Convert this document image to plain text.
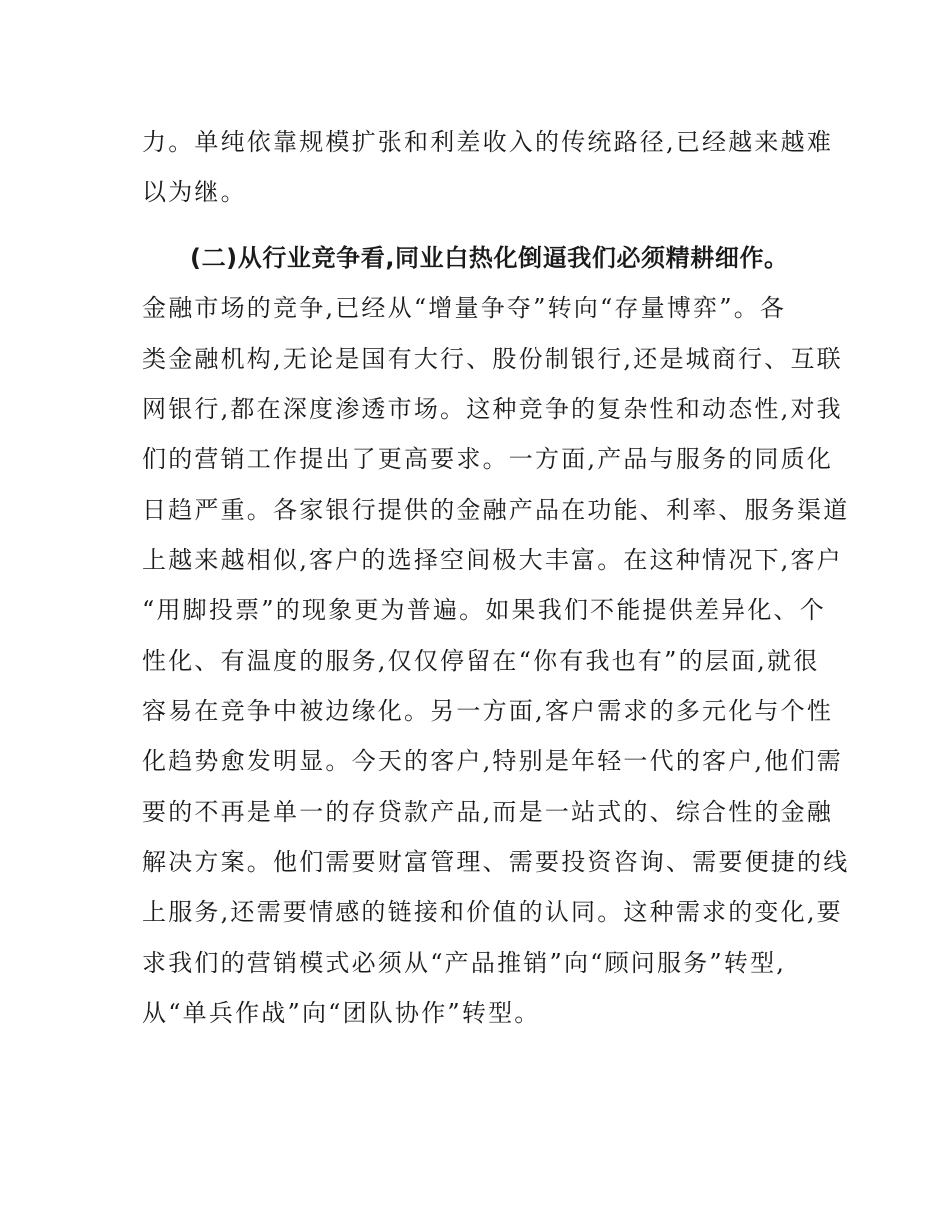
力。单纯依靠规模扩张和利差收入的传统路径,已经越来越难
以为继。
(二)从行业竞争看,同业白热化倒逼我们必须精耕细作。
金融市场的竞争,已经从“增量争夺”转向“存量博弈”。各
类金融机构,无论是国有大行、股份制银行,还是城商行、互联
网银行,都在深度渗透市场。这种竞争的复杂性和动态性,对我
们的营销工作提出了更高要求。一方面,产品与服务的同质化
日趋严重。各家银行提供的金融产品在功能、利率、服务渠道
上越来越相似,客户的选择空间极大丰富。在这种情况下,客户
“用脚投票”的现象更为普遍。如果我们不能提供差异化、个
性化、有温度的服务,仅仅停留在“你有我也有”的层面,就很
容易在竞争中被边缘化。另一方面,客户需求的多元化与个性
化趋势愈发明显。今天的客户,特别是年轻一代的客户,他们需
要的不再是单一的存贷款产品,而是一站式的、综合性的金融
解决方案。他们需要财富管理、需要投资咨询、需要便捷的线
上服务,还需要情感的链接和价值的认同。这种需求的变化,要
求我们的营销模式必须从“产品推销”向“顾问服务”转型,
从“单兵作战”向“团队协作”转型。
